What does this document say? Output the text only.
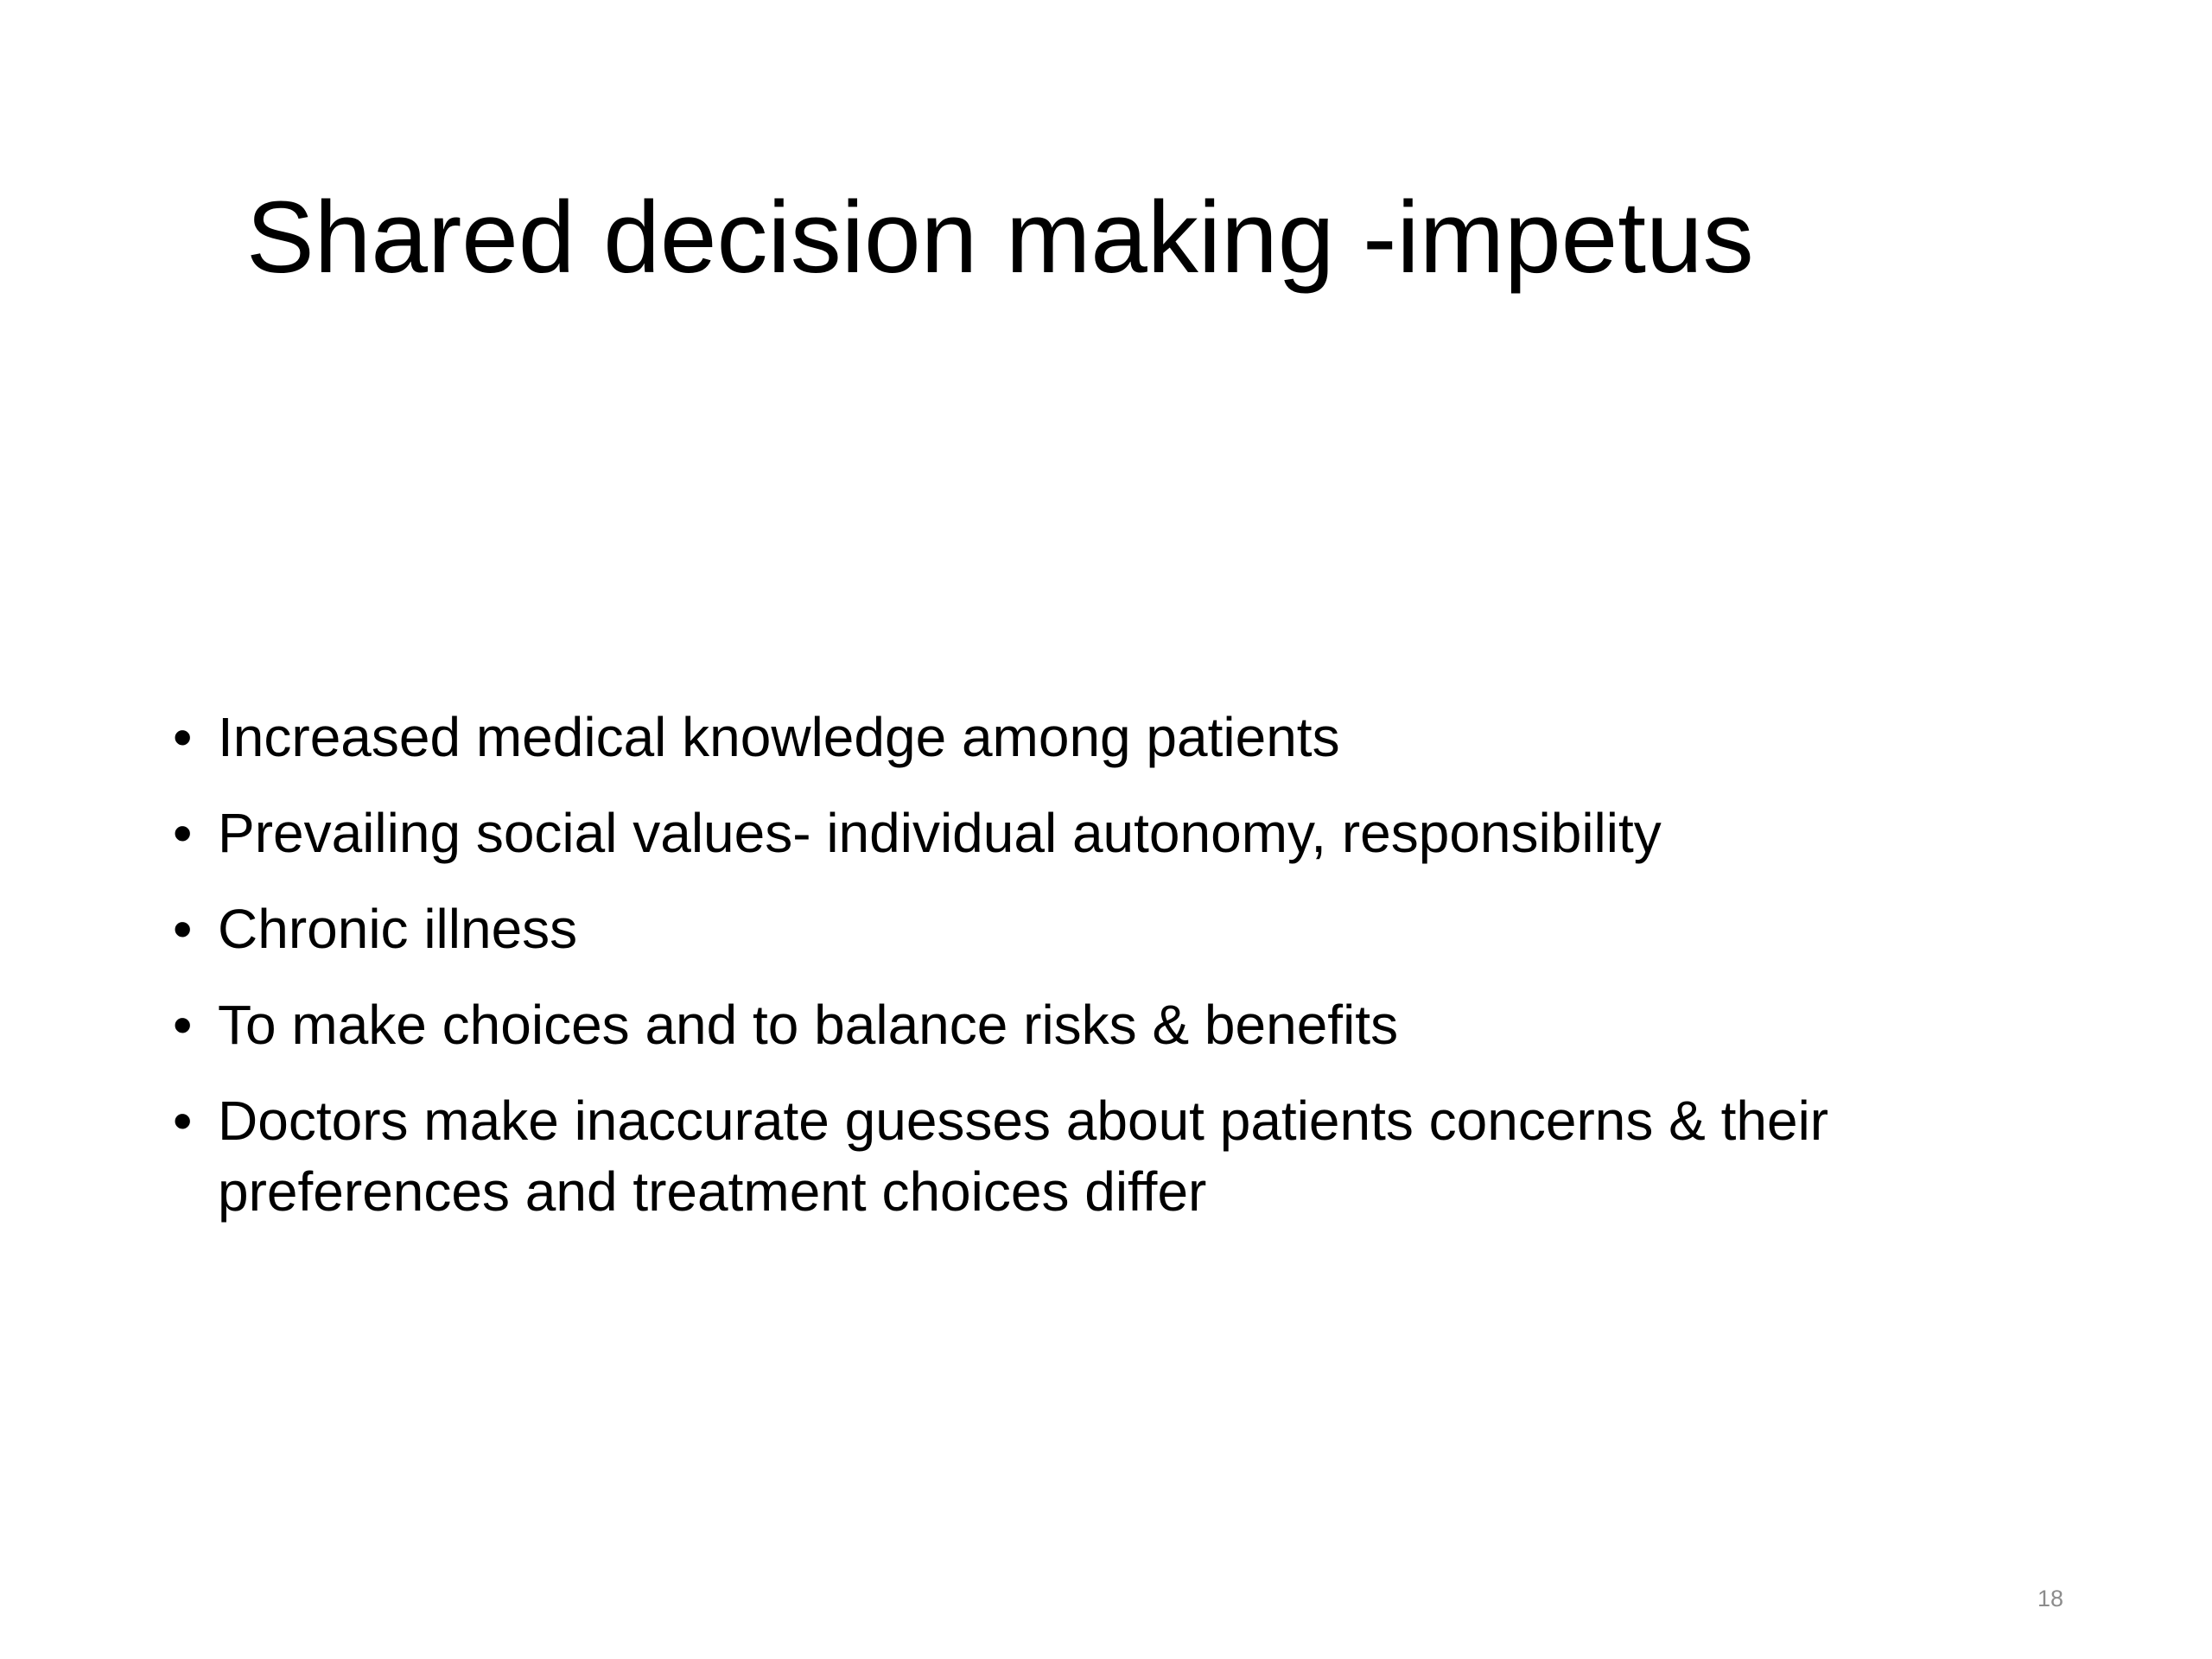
Shared decision making -impetus
• Increased medical knowledge among patients
• Prevailing social values- individual autonomy, responsibility
• Chronic illness
• To make choices and to balance risks & benefits
• Doctors make inaccurate guesses about patients concerns & their preferences and treatment choices differ
18
